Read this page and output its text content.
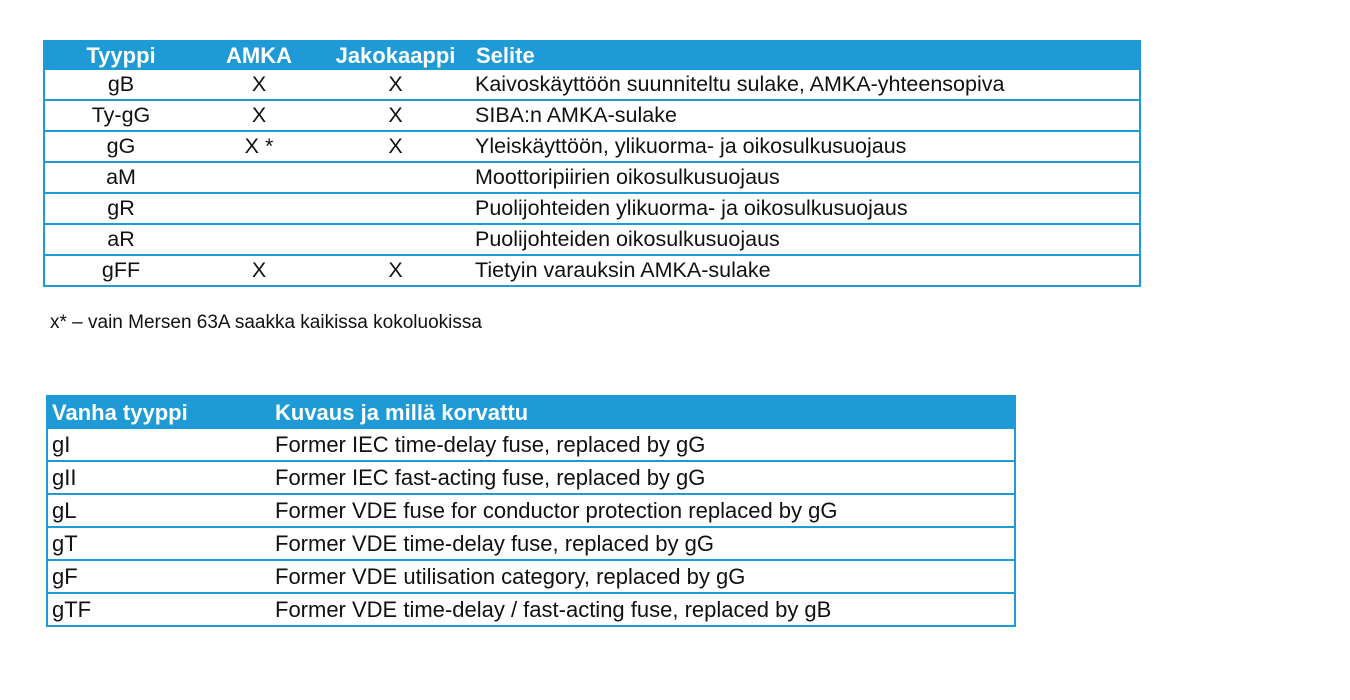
Tyyppi	AMKA	Jakokaappi	Selite
gB	X	X	Kaivoskäyttöön suunniteltu sulake, AMKA-yhteensopiva
Ty-gG	X	X	SIBA:n AMKA-sulake
gG	X *	X	Yleiskäyttöön, ylikuorma- ja oikosulkusuojaus
aM			Moottoripiirien oikosulkusuojaus
gR			Puolijohteiden ylikuorma- ja oikosulkusuojaus
aR			Puolijohteiden oikosulkusuojaus
gFF	X	X	Tietyin varauksin AMKA-sulake
x* – vain Mersen 63A saakka kaikissa kokoluokissa
Vanha tyyppi	Kuvaus ja millä korvattu
gI	Former IEC time-delay fuse, replaced by gG
gII	Former IEC fast-acting fuse, replaced by gG
gL	Former VDE fuse for conductor protection replaced by gG
gT	Former VDE time-delay fuse, replaced by gG
gF	Former VDE utilisation category, replaced by gG
gTF	Former VDE time-delay / fast-acting fuse, replaced by gB
